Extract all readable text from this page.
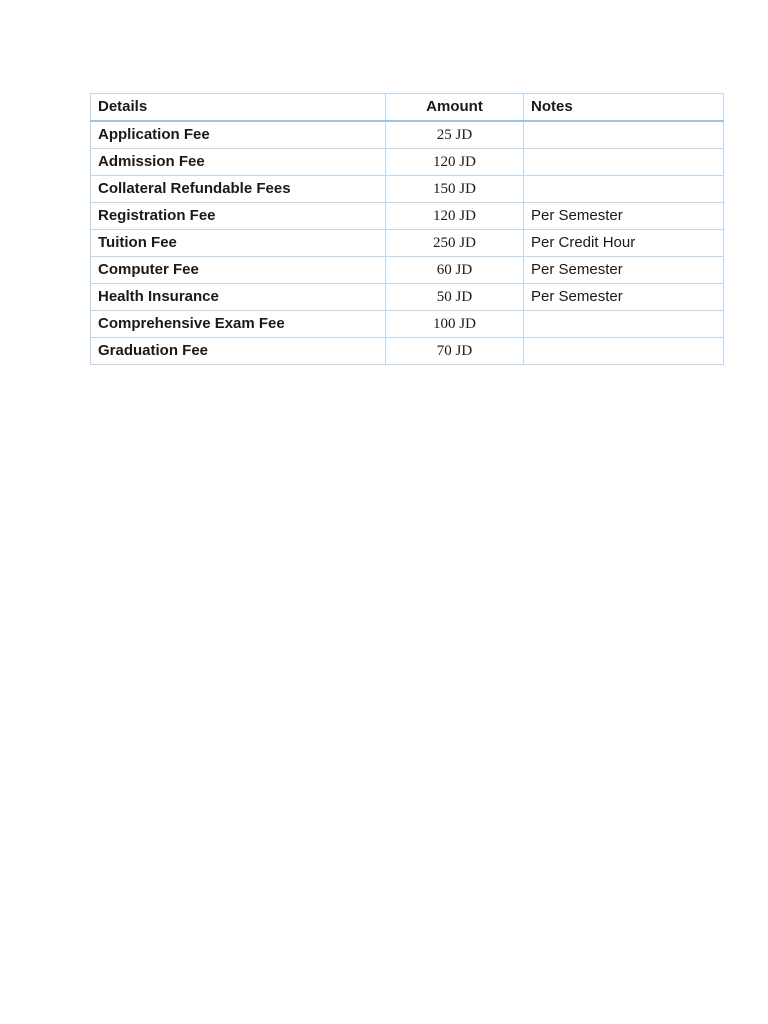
Details	Amount	Notes
Application Fee	25 JD	
Admission Fee	120 JD	
Collateral Refundable Fees	150 JD	
Registration Fee	120 JD	Per Semester
Tuition Fee	250 JD	Per Credit Hour
Computer Fee	60 JD	Per Semester
Health Insurance	50 JD	Per Semester
Comprehensive Exam Fee	100 JD	
Graduation Fee	70 JD	
